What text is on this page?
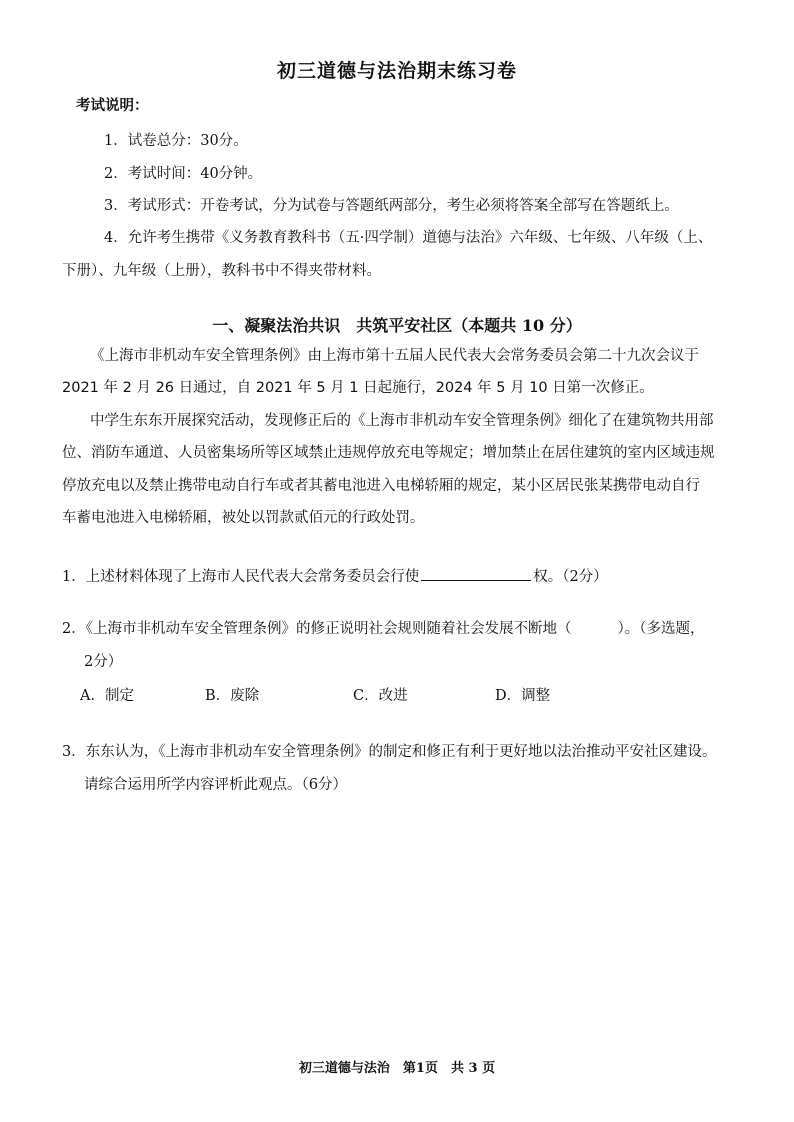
初三道德与法治期末练习卷
考试说明：
1．试卷总分：30分。
2．考试时间：40分钟。
3．考试形式：开卷考试，分为试卷与答题纸两部分，考生必须将答案全部写在答题纸上。
4．允许考生携带《义务教育教科书（五·四学制）道德与法治》六年级、七年级、八年级（上、
下册）、九年级（上册），教科书中不得夹带材料。
一、凝聚法治共识　共筑平安社区（本题共 10 分）
《上海市非机动车安全管理条例》由上海市第十五届人民代表大会常务委员会第二十九次会议于
2021 年 2 月 26 日通过，自 2021 年 5 月 1 日起施行，2024 年 5 月 10 日第一次修正。
中学生东东开展探究活动，发现修正后的《上海市非机动车安全管理条例》细化了在建筑物共用部
位、消防车通道、人员密集场所等区域禁止违规停放充电等规定；增加禁止在居住建筑的室内区域违规
停放充电以及禁止携带电动自行车或者其蓄电池进入电梯轿厢的规定，某小区居民张某携带电动自行
车蓄电池进入电梯轿厢，被处以罚款贰佰元的行政处罚。
1．上述材料体现了上海市人民代表大会常务委员会行使	权。（2分）
2．《上海市非机动车安全管理条例》的修正说明社会规则随着社会发展不断地（	）。（多选题，
2分）
A．制定	B．废除	C．改进	D．调整
3．东东认为，《上海市非机动车安全管理条例》的制定和修正有利于更好地以法治推动平安社区建设。
请综合运用所学内容评析此观点。（6分）
初三道德与法治　第1页　共 3 页
